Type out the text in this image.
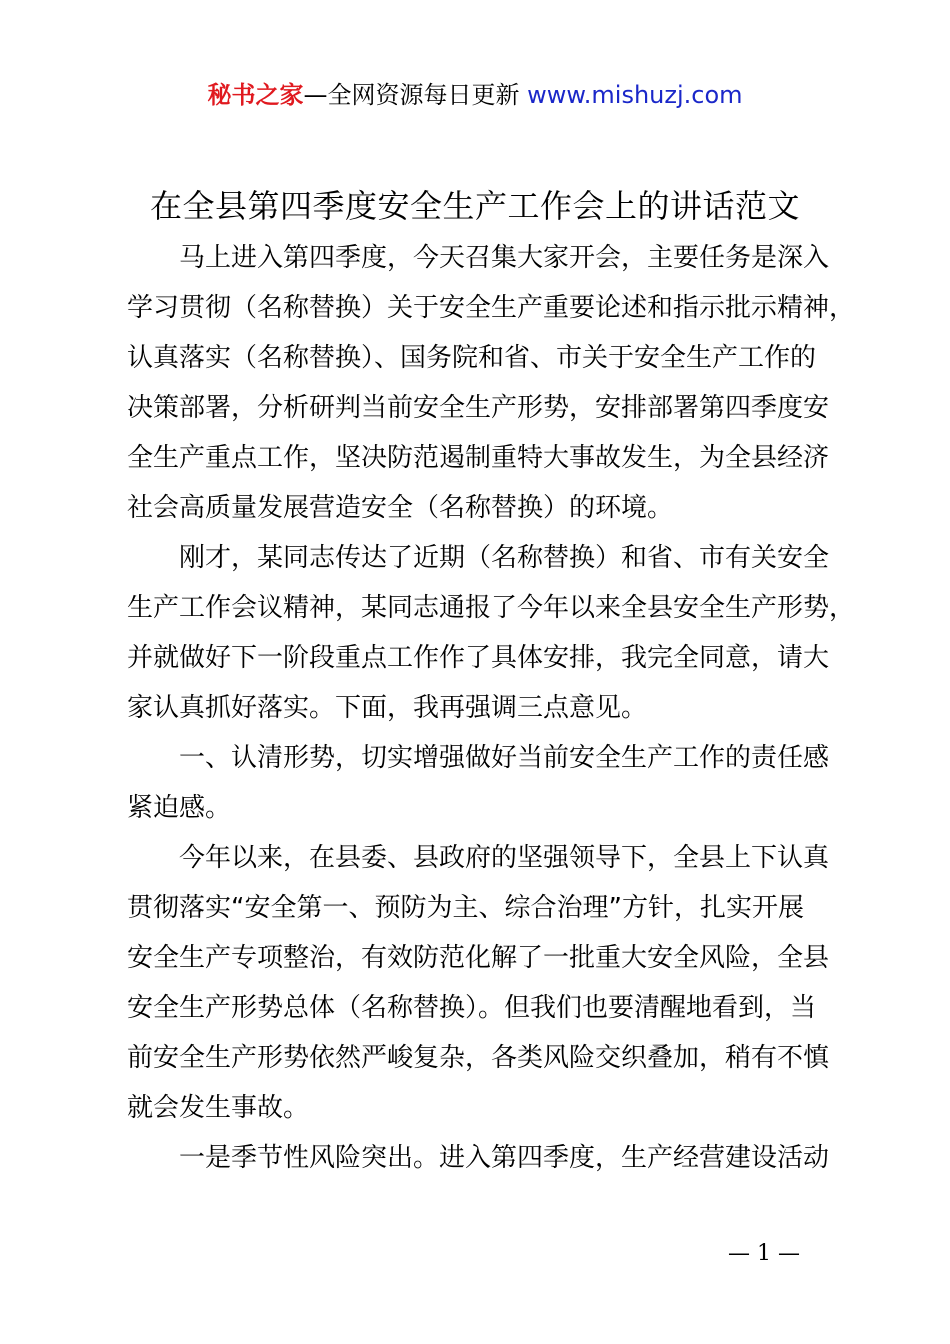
秘书之家—全网资源每日更新 www.mishuzj.com
在全县第四季度安全生产工作会上的讲话范文
马上进入第四季度，今天召集大家开会，主要任务是深入
学习贯彻（名称替换）关于安全生产重要论述和指示批示精神，
认真落实（名称替换）、国务院和省、市关于安全生产工作的
决策部署，分析研判当前安全生产形势，安排部署第四季度安
全生产重点工作，坚决防范遏制重特大事故发生，为全县经济
社会高质量发展营造安全（名称替换）的环境。
刚才，某同志传达了近期（名称替换）和省、市有关安全
生产工作会议精神，某同志通报了今年以来全县安全生产形势，
并就做好下一阶段重点工作作了具体安排，我完全同意，请大
家认真抓好落实。下面，我再强调三点意见。
一、认清形势，切实增强做好当前安全生产工作的责任感
紧迫感。
今年以来，在县委、县政府的坚强领导下，全县上下认真
贯彻落实“安全第一、预防为主、综合治理”方针，扎实开展
安全生产专项整治，有效防范化解了一批重大安全风险，全县
安全生产形势总体（名称替换）。但我们也要清醒地看到，当
前安全生产形势依然严峻复杂，各类风险交织叠加，稍有不慎
就会发生事故。
一是季节性风险突出。进入第四季度，生产经营建设活动
— 1 —
